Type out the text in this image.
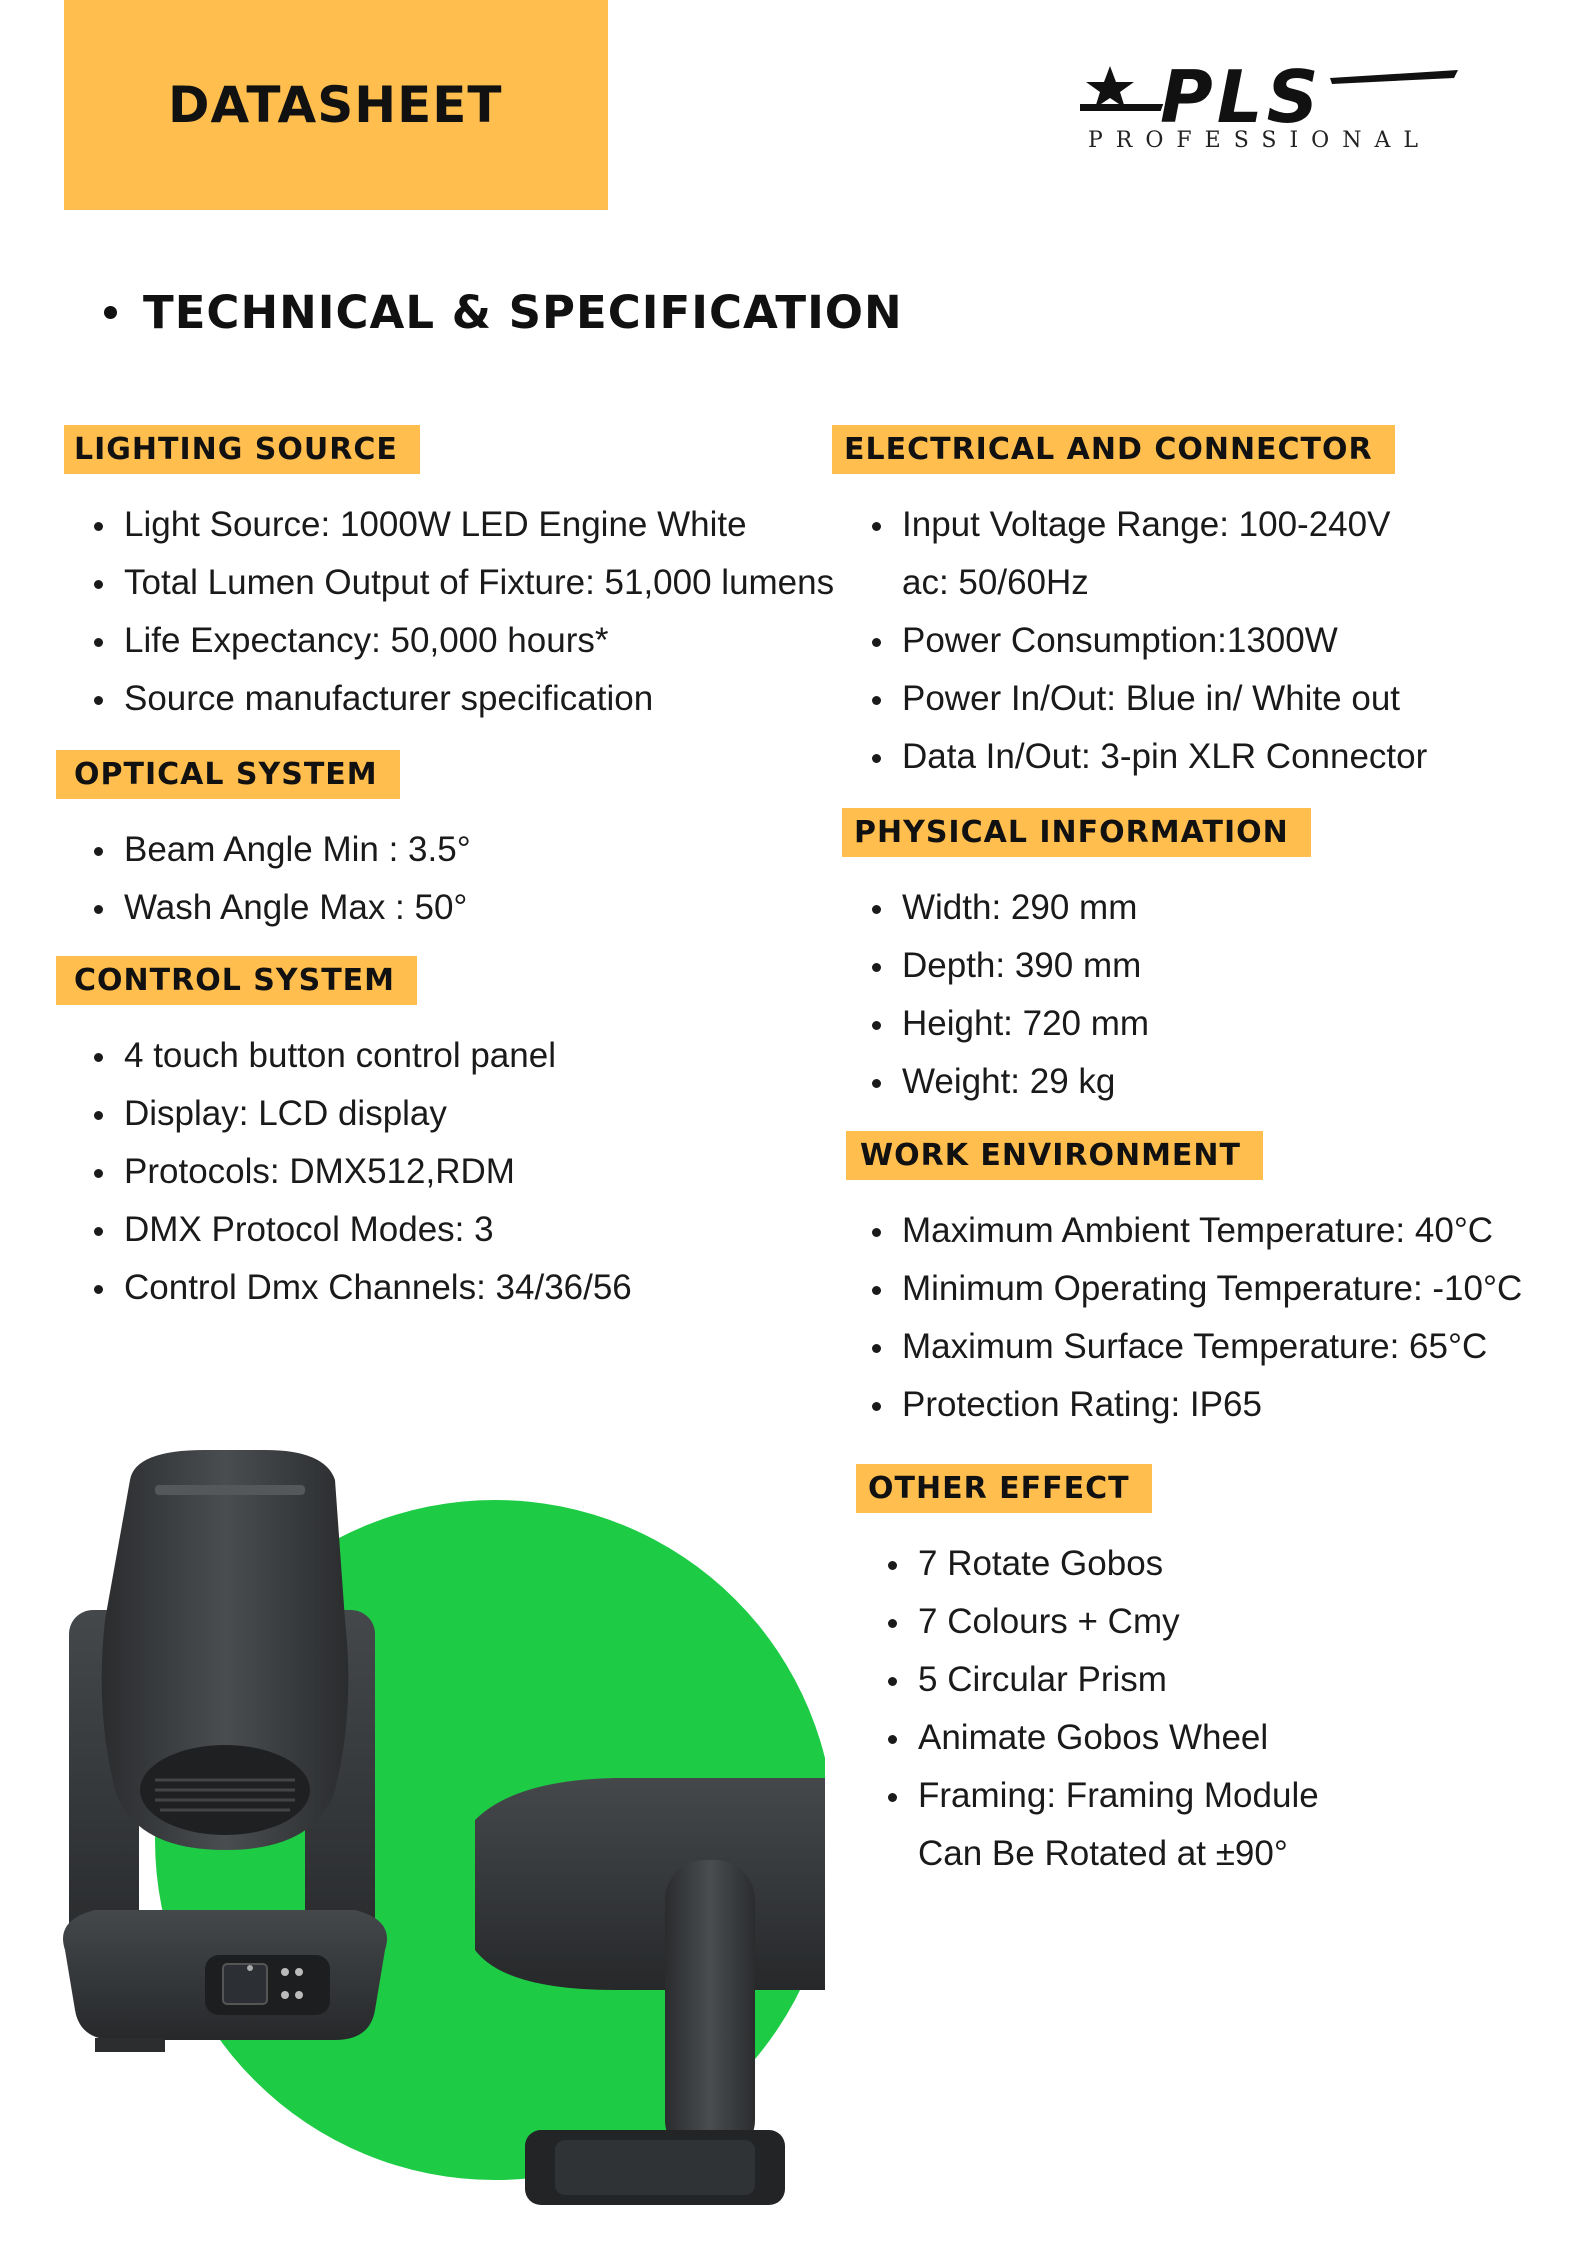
DATASHEET	PLS
PROFESSIONAL
TECHNICAL & SPECIFICATION
LIGHTING SOURCE
Light Source: 1000W LED Engine White
Total Lumen Output of Fixture: 51,000 lumens
Life Expectancy: 50,000 hours*
Source manufacturer specification
OPTICAL SYSTEM
Beam Angle Min : 3.5°
Wash Angle Max : 50°
CONTROL SYSTEM
4 touch button control panel
Display: LCD display
Protocols: DMX512,RDM
DMX Protocol Modes: 3
Control Dmx Channels: 34/36/56
ELECTRICAL AND CONNECTOR
Input Voltage Range: 100-240V
ac: 50/60Hz
Power Consumption:1300W
Power In/Out: Blue in/ White out
Data In/Out: 3-pin XLR Connector
PHYSICAL INFORMATION
Width: 290 mm
Depth: 390 mm
Height: 720 mm
Weight: 29 kg
WORK ENVIRONMENT
Maximum Ambient Temperature: 40°C
Minimum Operating Temperature: -10°C
Maximum Surface Temperature: 65°C
Protection Rating: IP65
OTHER EFFECT
7 Rotate Gobos
7 Colours + Cmy
5 Circular Prism
Animate Gobos Wheel
Framing: Framing Module
Can Be Rotated at ±90°
